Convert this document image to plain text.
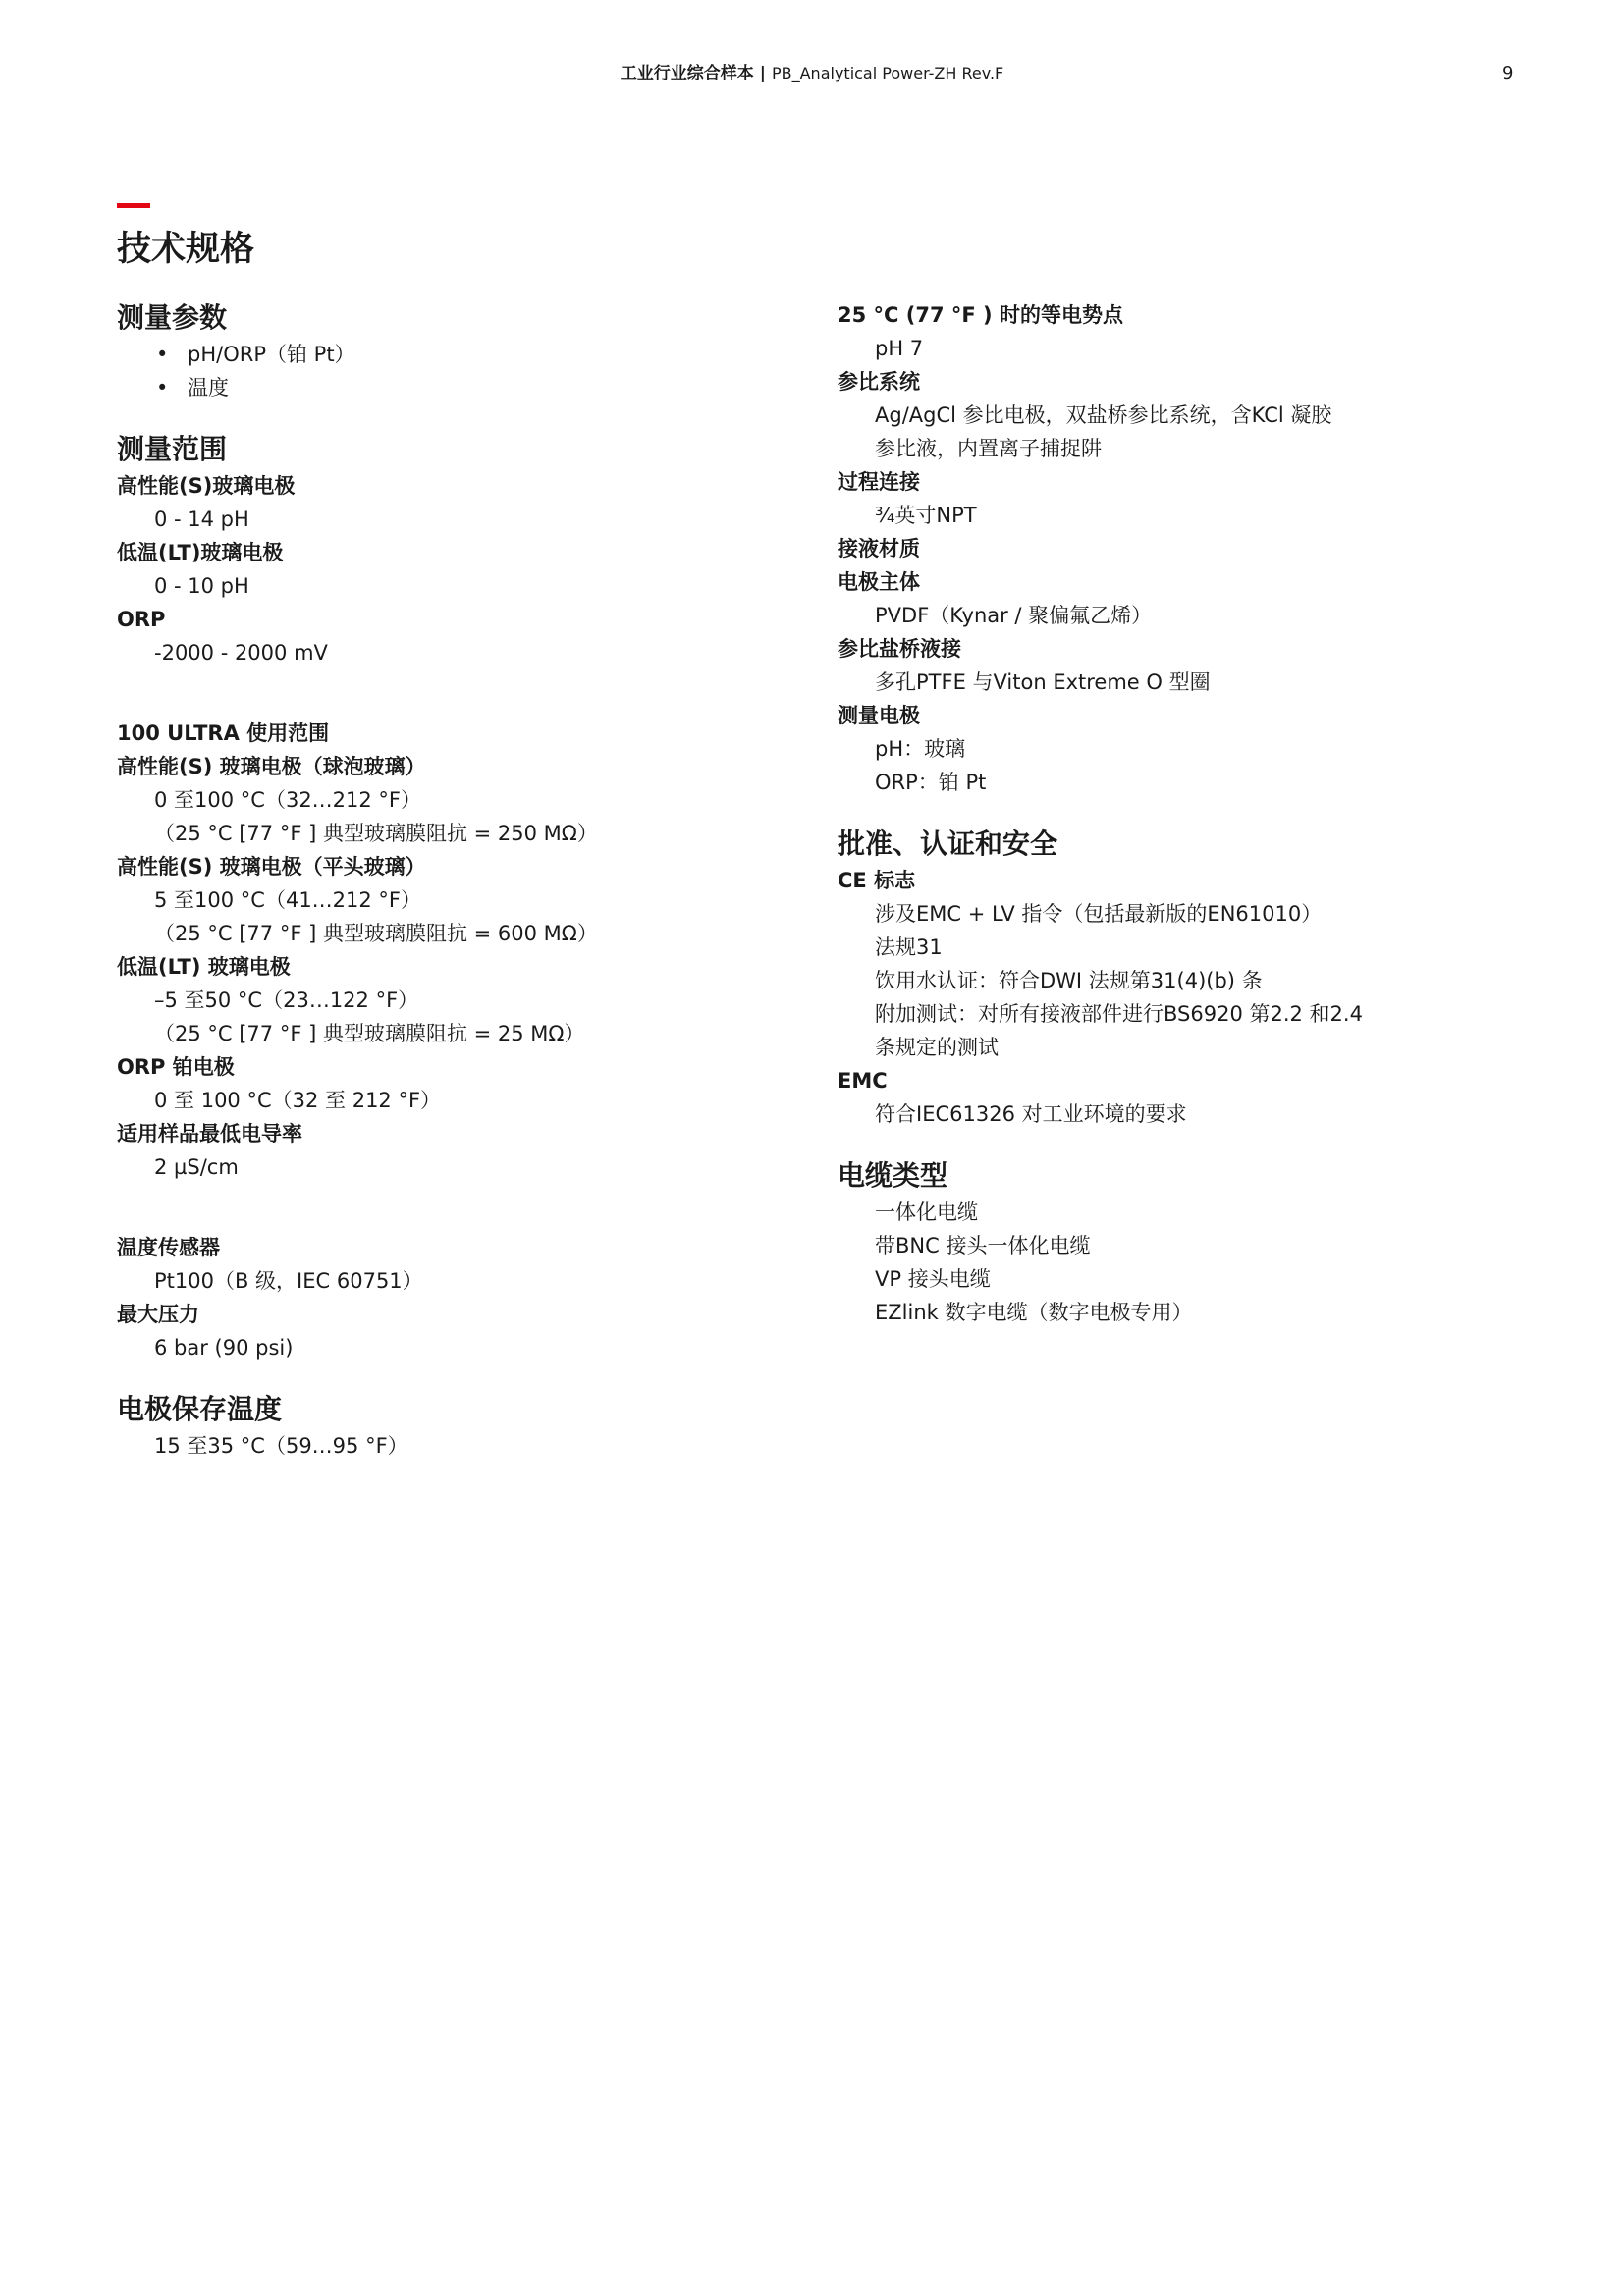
工业行业综合样本 | PB_Analytical Power-ZH Rev.F	9
技术规格
测量参数
• pH/ORP（铂 Pt）
• 温度
测量范围

高性能(S)玻璃电极

0 - 14 pH

低温(LT)玻璃电极

0 - 10 pH

ORP

-2000 - 2000 mV

100 ULTRA 使用范围

高性能(S) 玻璃电极（球泡玻璃）

0 至100 °C（32…212 °F）

（25 °C [77 °F ] 典型玻璃膜阻抗 = 250 MΩ）

高性能(S) 玻璃电极（平头玻璃）

5 至100 °C（41…212 °F）

（25 °C [77 °F ] 典型玻璃膜阻抗 = 600 MΩ）

低温(LT) 玻璃电极

–5 至50 °C（23…122 °F）

（25 °C [77 °F ] 典型玻璃膜阻抗 = 25 MΩ）

ORP 铂电极

0 至 100 °C（32 至 212 °F）

适用样品最低电导率

2 µS/cm

温度传感器

Pt100（B 级，IEC 60751）

最大压力

6 bar (90 psi)

电极保存温度

15 至35 °C（59…95 °F）

25 °C (77 °F ) 时的等电势点

pH 7

参比系统

Ag/AgCl 参比电极，双盐桥参比系统，含KCl 凝胶

参比液，内置离子捕捉阱

过程连接

¾英寸NPT

接液材质

电极主体

PVDF（Kynar / 聚偏氟乙烯）

参比盐桥液接

多孔PTFE 与Viton Extreme O 型圈

测量电极

pH：玻璃

ORP：铂 Pt

批准、认证和安全

CE 标志

涉及EMC + LV 指令（包括最新版的EN61010）

法规31

饮用水认证：符合DWI 法规第31(4)(b) 条

附加测试：对所有接液部件进行BS6920 第2.2 和2.4

条规定的测试

EMC

符合IEC61326 对工业环境的要求

电缆类型

一体化电缆

带BNC 接头一体化电缆

VP 接头电缆

EZlink 数字电缆（数字电极专用）
